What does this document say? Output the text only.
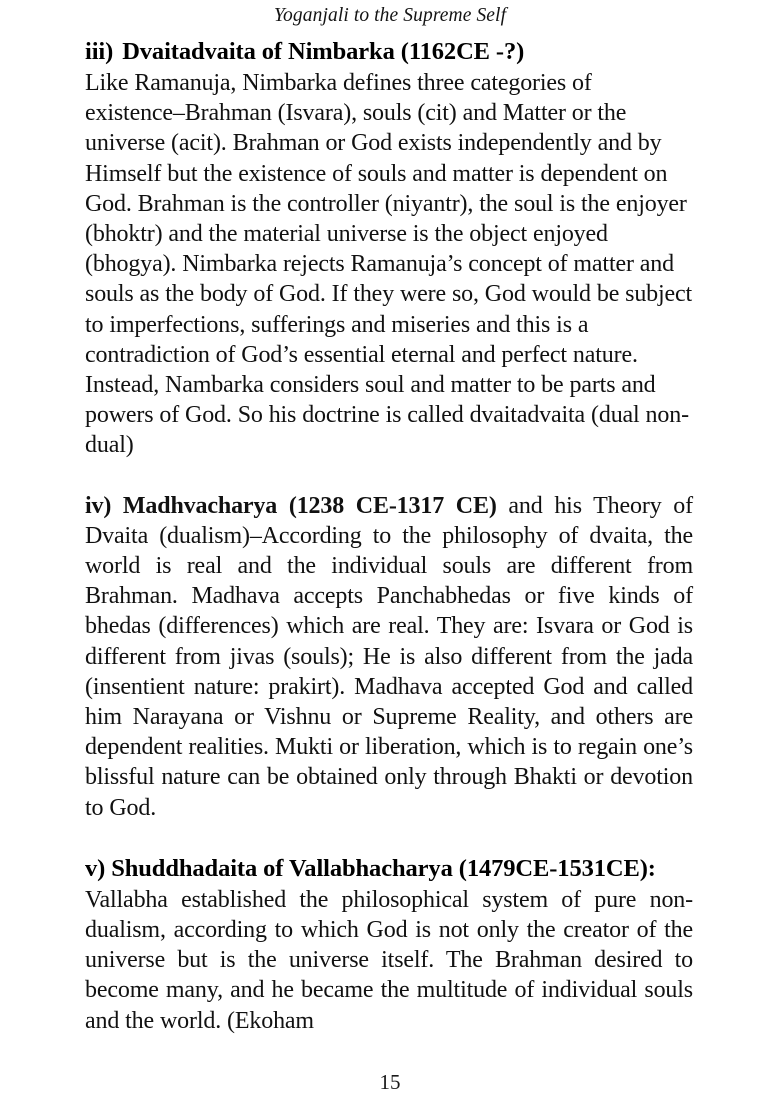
Yoganjali to the Supreme Self
iii) Dvaitadvaita of Nimbarka (1162CE -?)

Like Ramanuja, Nimbarka defines three categories of existence–Brahman (Isvara), souls (cit) and Matter or the universe (acit). Brahman or God exists independently and by Himself but the existence of souls and matter is dependent on God. Brahman is the controller (niyantr), the soul is the enjoyer (bhoktr) and the material universe is the object enjoyed (bhogya). Nimbarka rejects Ramanuja’s concept of matter and souls as the body of God. If they were so, God would be subject to imperfections, sufferings and miseries and this is a contradiction of God’s essential eternal and perfect nature. Instead, Nambarka considers soul and matter to be parts and powers of God. So his doctrine is called dvaitadvaita (dual non- dual)

iv) Madhvacharya (1238 CE-1317 CE) and his Theory of Dvaita (dualism)–According to the philosophy of dvaita, the world is real and the individual souls are different from Brahman. Madhava accepts Panchabhedas or five kinds of bhedas (differences) which are real. They are: Isvara or God is different from jivas (souls); He is also different from the jada (insentient nature: prakirt). Madhava accepted God and called him Narayana or Vishnu or Supreme Reality, and others are dependent realities. Mukti or liberation, which is to regain one’s blissful nature can be obtained only through Bhakti or devotion to God.

v) Shuddhadaita of Vallabhacharya (1479CE-1531CE):

Vallabha established the philosophical system of pure non-dualism, according to which God is not only the creator of the universe but is the universe itself. The Brahman desired to become many, and he became the multitude of individual souls and the world. (Ekoham

15
